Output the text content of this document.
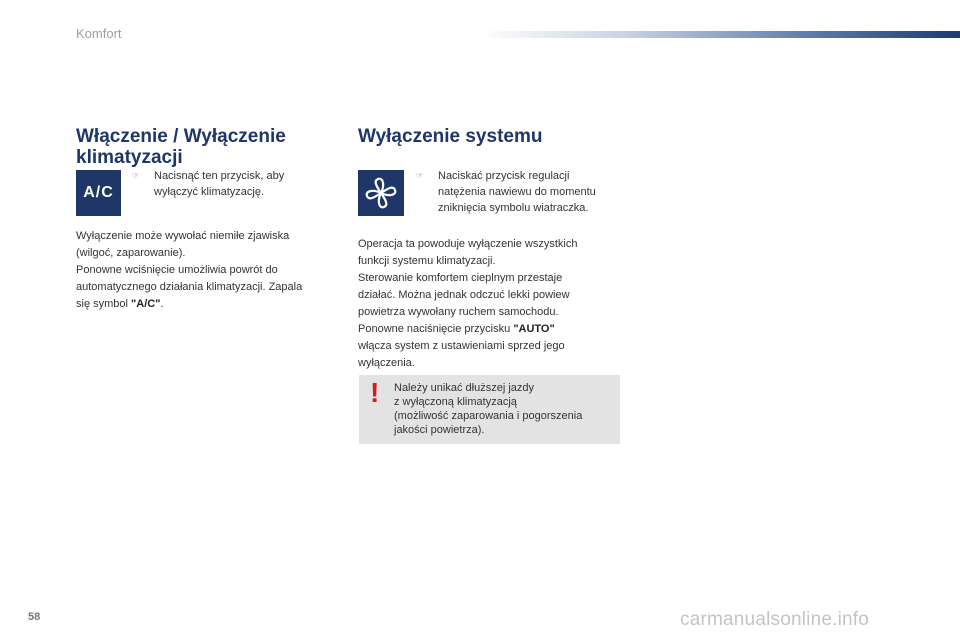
Komfort
Włączenie / Wyłączenie
klimatyzacji
A/C
☞ Nacisnąć ten przycisk, aby
wyłączyć klimatyzację.
Wyłączenie może wywołać niemiłe zjawiska
(wilgoć, zaparowanie).
Ponowne wciśnięcie umożliwia powrót do
automatycznego działania klimatyzacji. Zapala
się symbol "A/C".
Wyłączenie systemu
☞ Naciskać przycisk regulacji
natężenia nawiewu do momentu
zniknięcia symbolu wiatraczka.
Operacja ta powoduje wyłączenie wszystkich
funkcji systemu klimatyzacji.
Sterowanie komfortem cieplnym przestaje
działać. Można jednak odczuć lekki powiew
powietrza wywołany ruchem samochodu.
Ponowne naciśnięcie przycisku "AUTO"
włącza system z ustawieniami sprzed jego
wyłączenia.
! Należy unikać dłuższej jazdy
z wyłączoną klimatyzacją
(możliwość zaparowania i pogorszenia
jakości powietrza).
58	carmanualsonline.info
